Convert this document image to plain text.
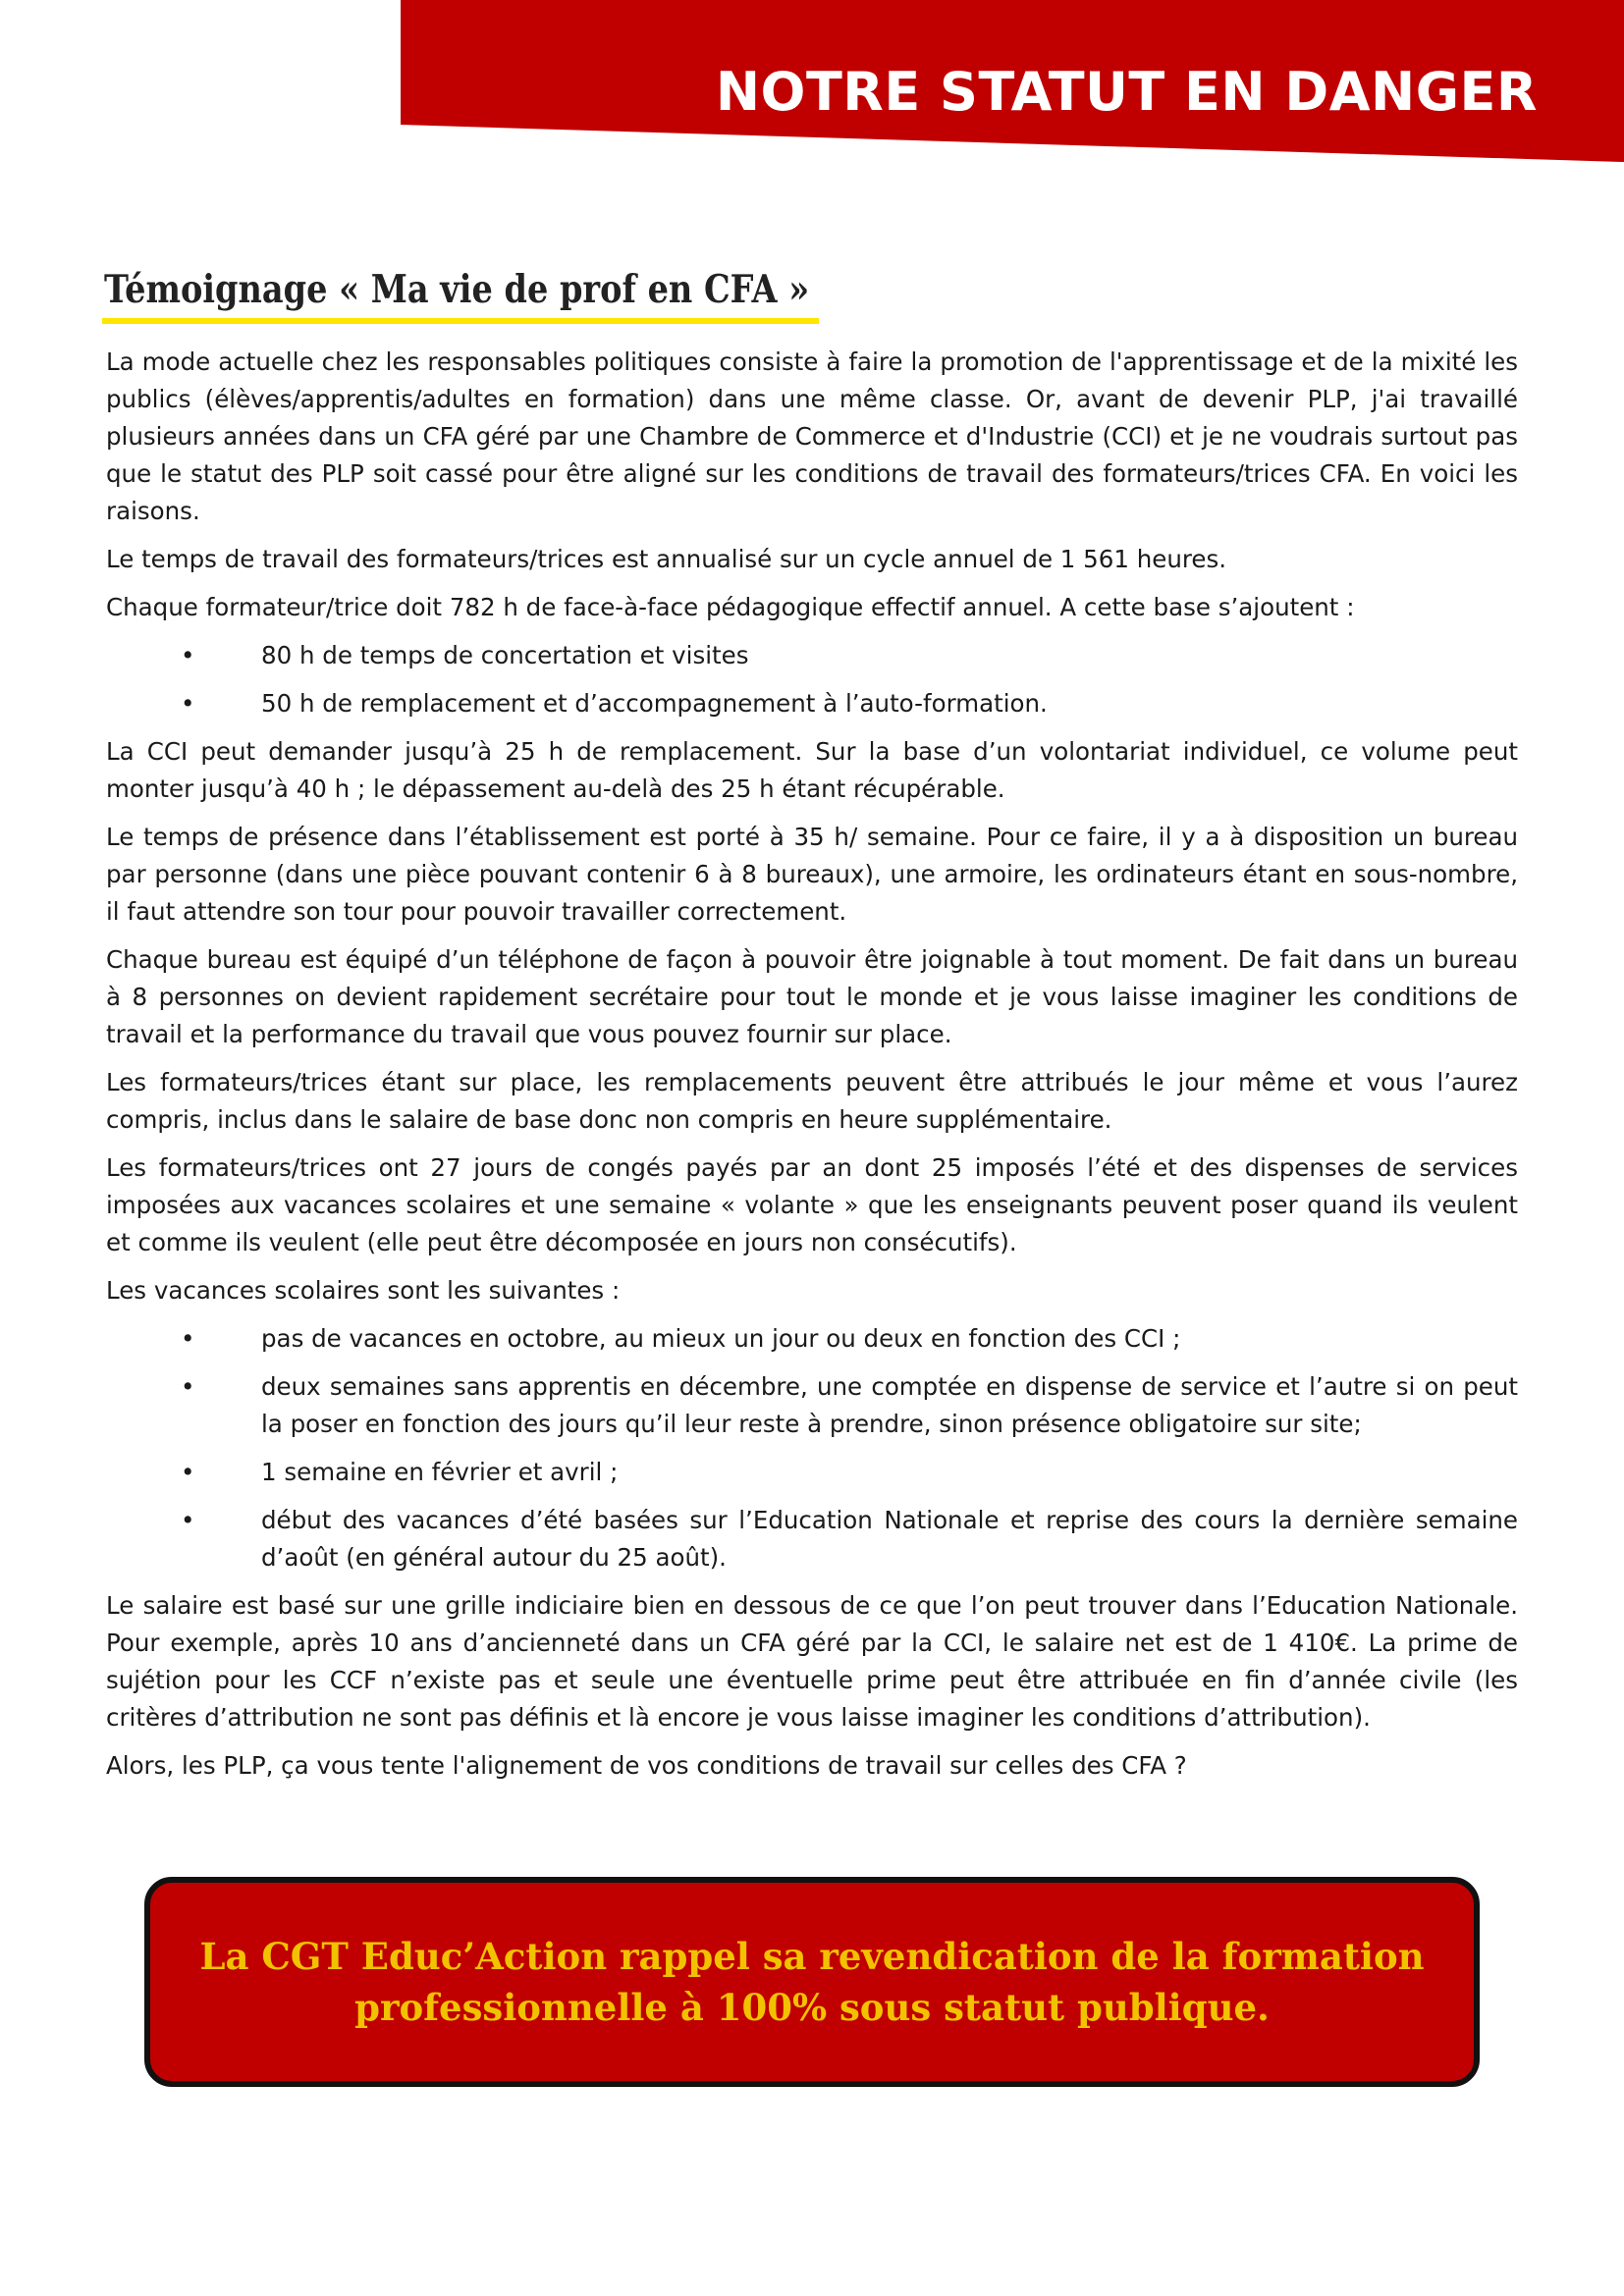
NOTRE STATUT EN DANGER
Témoignage « Ma vie de prof en CFA »

La mode actuelle chez les responsables politiques consiste à faire la promotion de l'apprentissage et de la mixité les publics (élèves/apprentis/adultes en formation) dans une même classe. Or, avant de devenir PLP, j'ai travaillé plusieurs années dans un CFA géré par une Chambre de Commerce et d'Industrie (CCI) et je ne voudrais surtout pas que le statut des PLP soit cassé pour être aligné sur les conditions de travail des formateurs/trices CFA. En voici les raisons.

Le temps de travail des formateurs/trices est annualisé sur un cycle annuel de 1 561 heures.

Chaque formateur/trice doit 782 h de face-à-face pédagogique effectif annuel. A cette base s’ajoutent :

•	80 h de temps de concertation et visites
•	50 h de remplacement et d’accompagnement à l’auto-formation.

La CCI peut demander jusqu’à 25 h de remplacement. Sur la base d’un volontariat individuel, ce volume peut monter jusqu’à 40 h ; le dépassement au-delà des 25 h étant récupérable.

Le temps de présence dans l’établissement est porté à 35 h/ semaine. Pour ce faire, il y a à disposition un bureau par personne (dans une pièce pouvant contenir 6 à 8 bureaux), une armoire, les ordinateurs étant en sous-nombre, il faut attendre son tour pour pouvoir travailler correctement.

Chaque bureau est équipé d’un téléphone de façon à pouvoir être joignable à tout moment. De fait dans un bureau à 8 personnes on devient rapidement secrétaire pour tout le monde et je vous laisse imaginer les conditions de travail et la performance du travail que vous pouvez fournir sur place.

Les formateurs/trices étant sur place, les remplacements peuvent être attribués le jour même et vous l’aurez compris, inclus dans le salaire de base donc non compris en heure supplémentaire.

Les formateurs/trices ont 27 jours de congés payés par an dont 25 imposés l’été et des dispenses de services imposées aux vacances scolaires et une semaine « volante » que les enseignants peuvent poser quand ils veulent et comme ils veulent (elle peut être décomposée en jours non consécutifs).

Les vacances scolaires sont les suivantes :

•	pas de vacances en octobre, au mieux un jour ou deux en fonction des CCI ;
•	deux semaines sans apprentis en décembre, une comptée en dispense de service et l’autre si on peut la poser en fonction des jours qu’il leur reste à prendre, sinon présence obligatoire sur site;
•	1 semaine en février et avril ;
•	début des vacances d’été basées sur l’Education Nationale et reprise des cours la dernière semaine d’août (en général autour du 25 août).

Le salaire est basé sur une grille indiciaire bien en dessous de ce que l’on peut trouver dans l’Education Nationale. Pour exemple, après 10 ans d’ancienneté dans un CFA géré par la CCI, le salaire net est de 1 410€. La prime de sujétion pour les CCF n’existe pas et seule une éventuelle prime peut être attribuée en fin d’année civile (les critères d’attribution ne sont pas définis et là encore je vous laisse imaginer les conditions d’attribution).

Alors, les PLP, ça vous tente l'alignement de vos conditions de travail sur celles des CFA ?

La CGT Educ’Action rappel sa revendication de la formation professionnelle à 100% sous statut publique.
